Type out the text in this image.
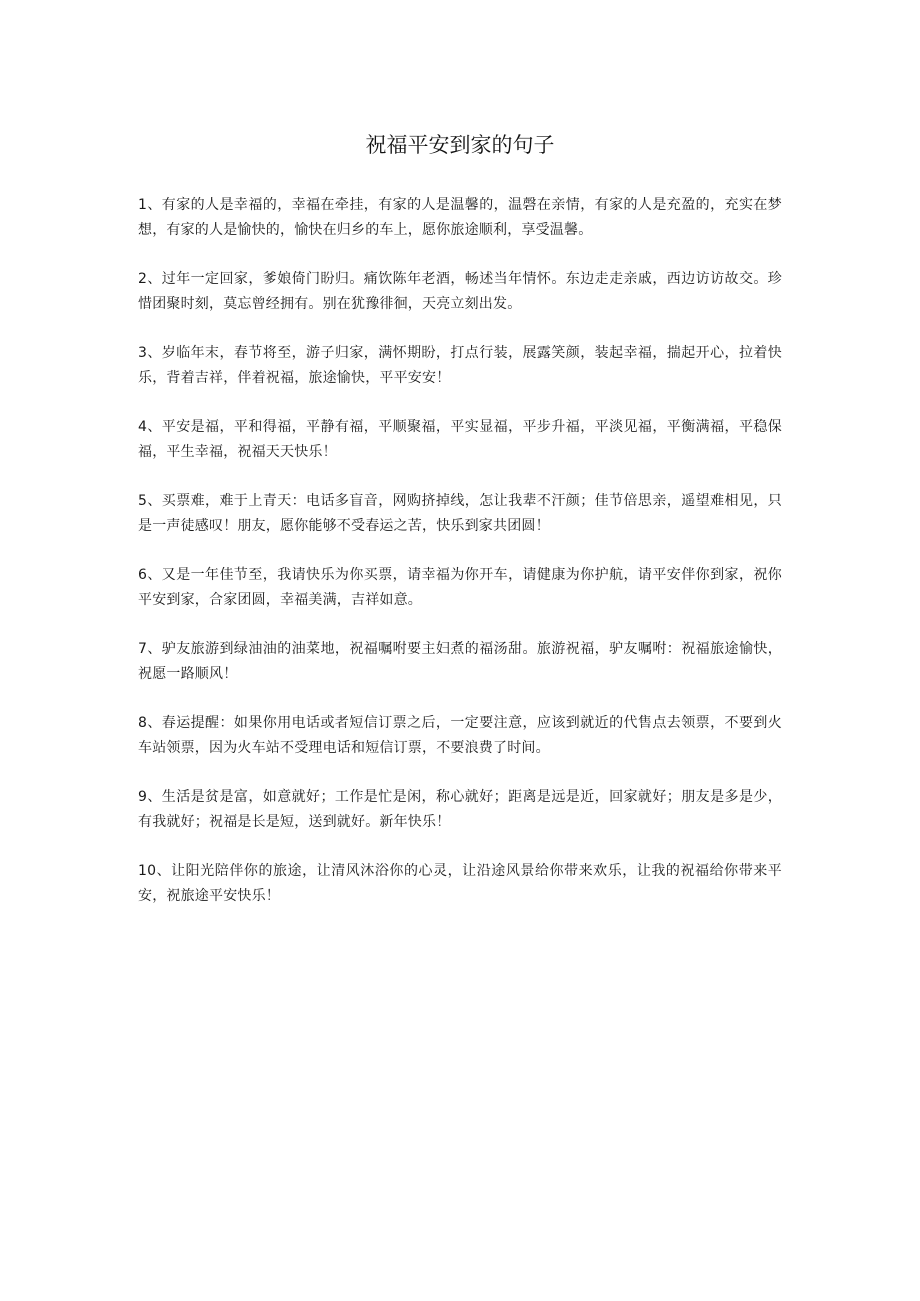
祝福平安到家的句子

1、有家的人是幸福的，幸福在牵挂，有家的人是温馨的，温磬在亲情，有家的人是充盈的，充实在梦想，有家的人是愉快的，愉快在归乡的车上，愿你旅途顺利，享受温馨。

2、过年一定回家，爹娘倚门盼归。痛饮陈年老酒，畅述当年情怀。东边走走亲戚，西边访访故交。珍惜团聚时刻，莫忘曾经拥有。别在犹豫徘徊，天亮立刻出发。

3、岁临年末，春节将至，游子归家，满怀期盼，打点行装，展露笑颜，装起幸福，揣起开心，拉着快乐，背着吉祥，伴着祝福，旅途愉快，平平安安！

4、平安是福，平和得福，平静有福，平顺聚福，平实显福，平步升福，平淡见福，平衡满福，平稳保福，平生幸福，祝福天天快乐！

5、买票难，难于上青天：电话多盲音，网购挤掉线，怎让我辈不汗颜；佳节倍思亲，遥望难相见，只是一声徒感叹！朋友，愿你能够不受春运之苦，快乐到家共团圆！

6、又是一年佳节至，我请快乐为你买票，请幸福为你开车，请健康为你护航，请平安伴你到家，祝你平安到家，合家团圆，幸福美满，吉祥如意。

7、驴友旅游到绿油油的油菜地，祝福嘱咐要主妇煮的福汤甜。旅游祝福，驴友嘱咐：祝福旅途愉快，祝愿一路顺风！

8、春运提醒：如果你用电话或者短信订票之后，一定要注意，应该到就近的代售点去领票，不要到火车站领票，因为火车站不受理电话和短信订票，不要浪费了时间。

9、生活是贫是富，如意就好；工作是忙是闲，称心就好；距离是远是近，回家就好；朋友是多是少，有我就好；祝福是长是短，送到就好。新年快乐！

10、让阳光陪伴你的旅途，让清风沐浴你的心灵，让沿途风景给你带来欢乐，让我的祝福给你带来平安，祝旅途平安快乐！
